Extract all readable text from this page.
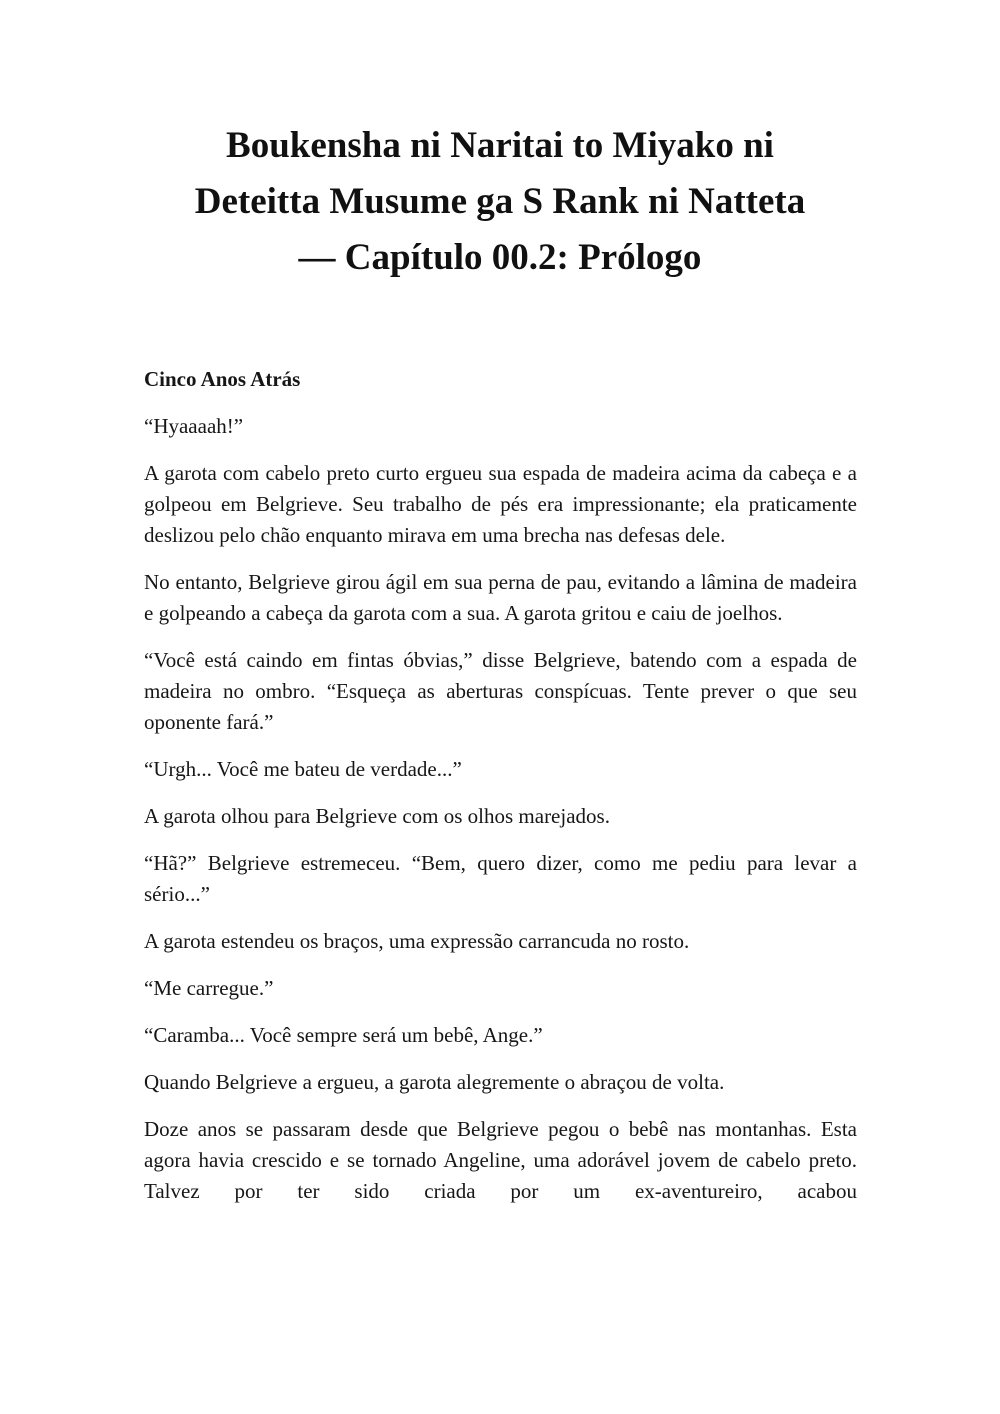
Boukensha ni Naritai to Miyako ni
Deteitta Musume ga S Rank ni Natteta
— Capítulo 00.2: Prólogo

Cinco Anos Atrás

“Hyaaaah!”

A garota com cabelo preto curto ergueu sua espada de madeira acima da cabeça e a golpeou em Belgrieve. Seu trabalho de pés era impressionante; ela praticamente deslizou pelo chão enquanto mirava em uma brecha nas defesas dele.

No entanto, Belgrieve girou ágil em sua perna de pau, evitando a lâmina de madeira e golpeando a cabeça da garota com a sua. A garota gritou e caiu de joelhos.

“Você está caindo em fintas óbvias,” disse Belgrieve, batendo com a espada de madeira no ombro. “Esqueça as aberturas conspícuas. Tente prever o que seu oponente fará.”

“Urgh... Você me bateu de verdade...”

A garota olhou para Belgrieve com os olhos marejados.

“Hã?” Belgrieve estremeceu. “Bem, quero dizer, como me pediu para levar a sério...”

A garota estendeu os braços, uma expressão carrancuda no rosto.

“Me carregue.”

“Caramba... Você sempre será um bebê, Ange.”

Quando Belgrieve a ergueu, a garota alegremente o abraçou de volta.

Doze anos se passaram desde que Belgrieve pegou o bebê nas montanhas. Esta agora havia crescido e se tornado Angeline, uma adorável jovem de cabelo preto. Talvez por ter sido criada por um ex-aventureiro, acabou
